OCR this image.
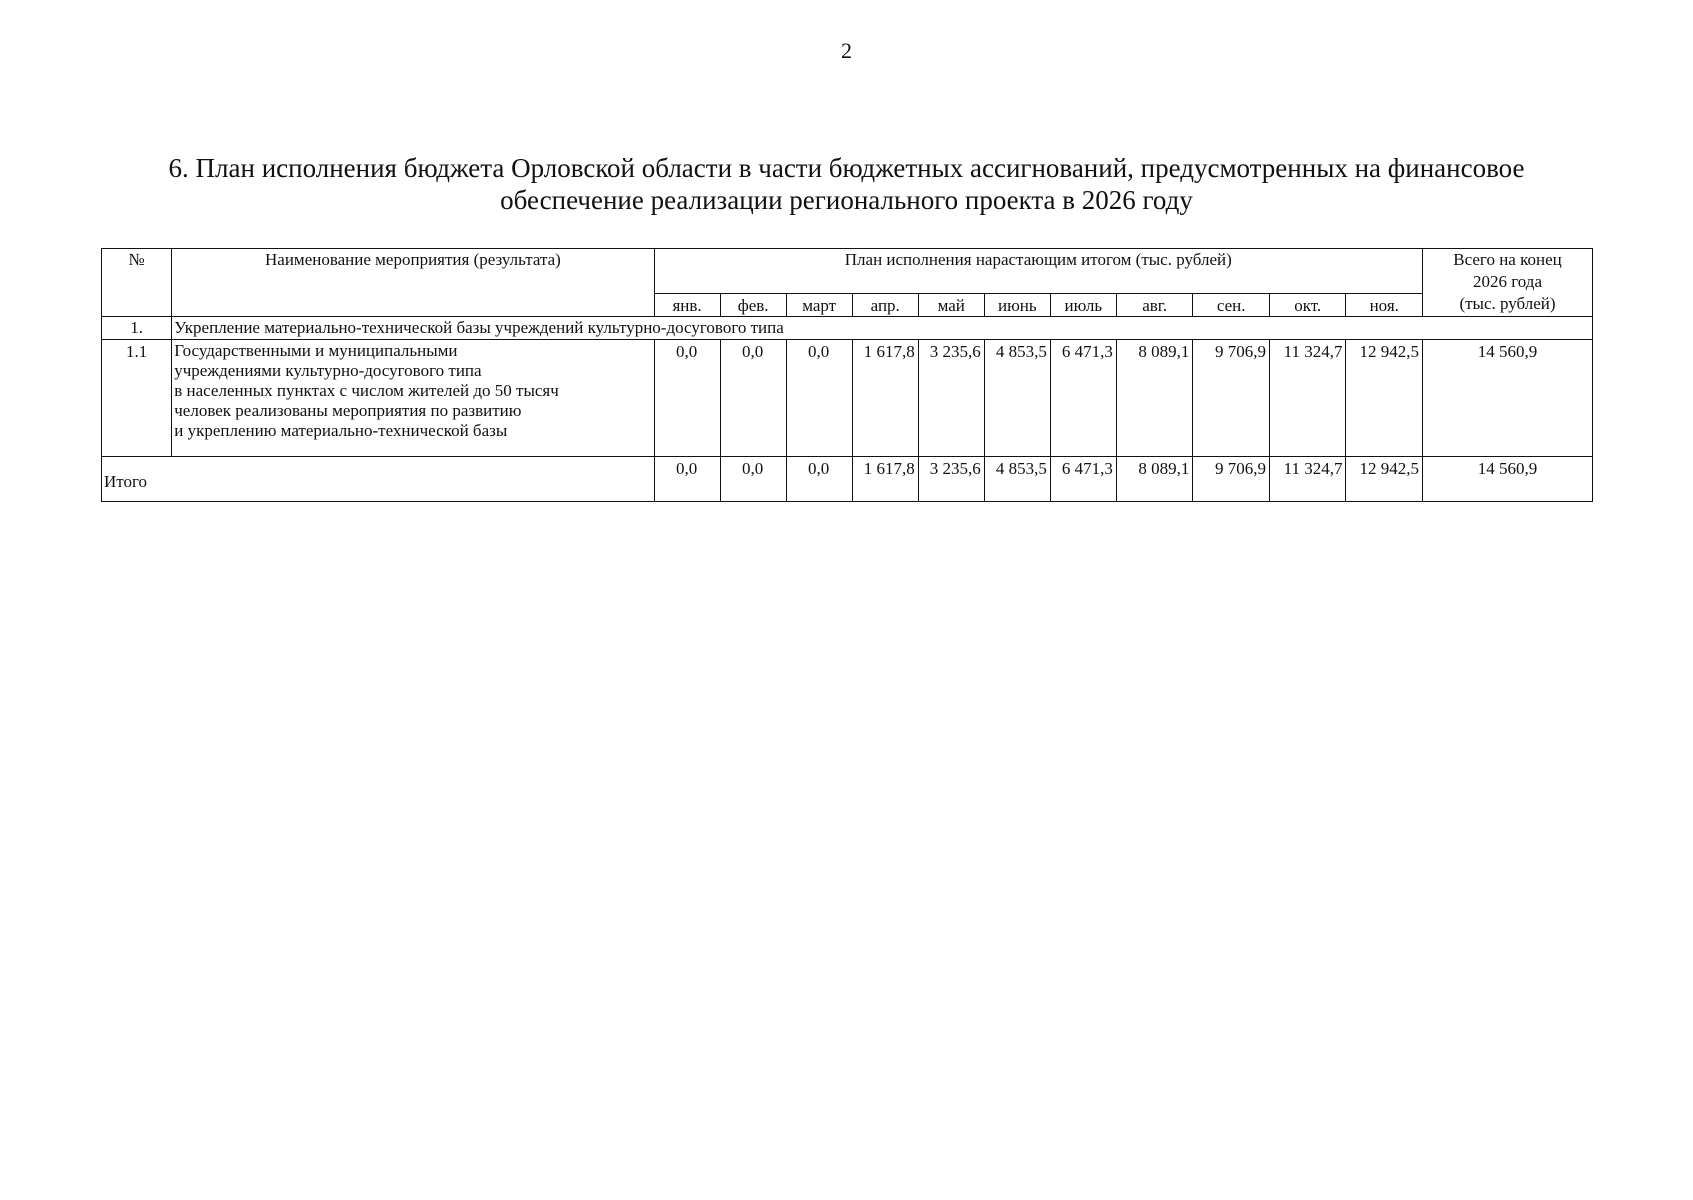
2
6. План исполнения бюджета Орловской области в части бюджетных ассигнований, предусмотренных на финансовое
обеспечение реализации регионального проекта в 2026 году
№	Наименование мероприятия (результата)	План исполнения нарастающим итогом (тыс. рублей)											Всего на конец
2026 года
(тыс. рублей)

		янв.	фев.	март	апр.	май	июнь	июль	авг.	сен.	окт.	ноя.	
1.	Укрепление материально-технической базы учреждений культурно-досугового типа												
1.1	Государственными и муниципальными
учреждениями культурно-досугового типа
в населенных пунктах с числом жителей до 50 тысяч
человек реализованы мероприятия по развитию
и укреплению материально-технической базы	0,0	0,0	0,0	1 617,8	3 235,6	4 853,5	6 471,3	8 089,1	9 706,9	11 324,7	12 942,5	14 560,9
Итого		0,0	0,0	0,0	1 617,8	3 235,6	4 853,5	6 471,3	8 089,1	9 706,9	11 324,7	12 942,5	14 560,9
